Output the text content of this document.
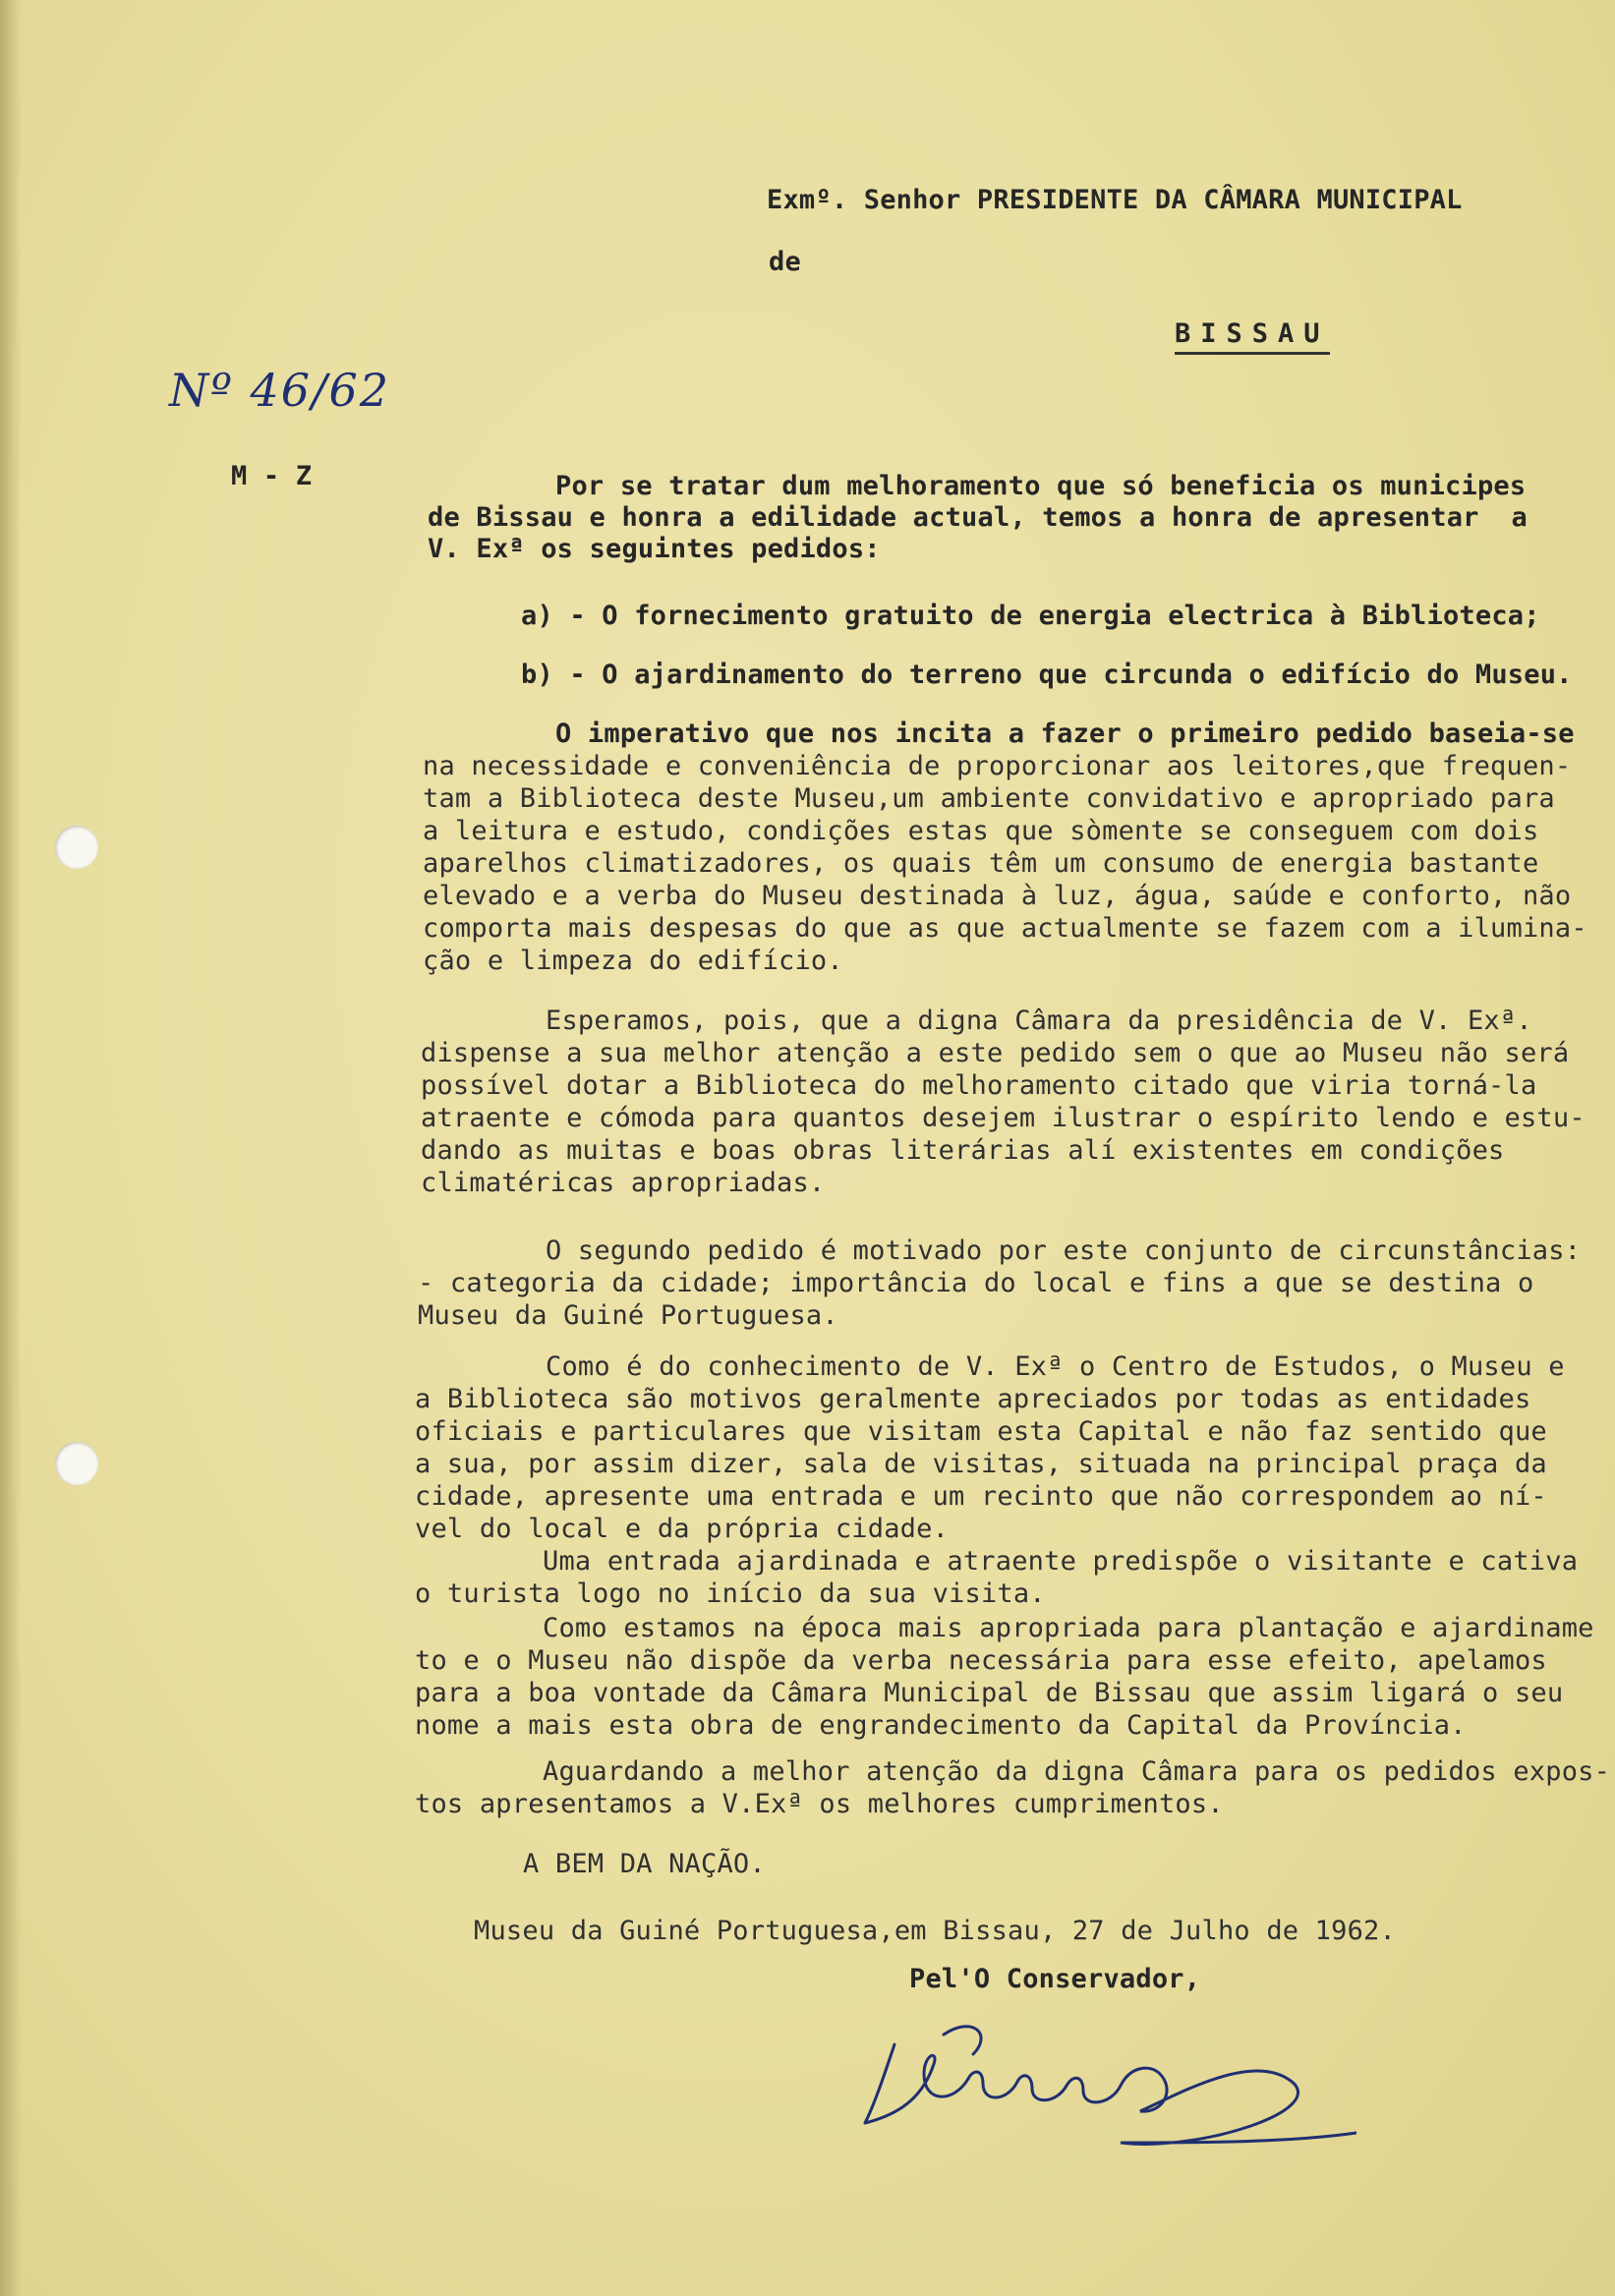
Exmº. Senhor PRESIDENTE DA CÂMARA MUNICIPAL
de
BISSAU
Nº 46/62
M - Z	Por se tratar dum melhoramento que só beneficia os municipes
de Bissau e honra a edilidade actual, temos a honra de apresentar  a
V. Exª os seguintes pedidos:
a) - O fornecimento gratuito de energia electrica à Biblioteca;
b) - O ajardinamento do terreno que circunda o edifício do Museu.
O imperativo que nos incita a fazer o primeiro pedido baseia-se
na necessidade e conveniência de proporcionar aos leitores,que frequen-
tam a Biblioteca deste Museu,um ambiente convidativo e apropriado para
a leitura e estudo, condições estas que sòmente se conseguem com dois
aparelhos climatizadores, os quais têm um consumo de energia bastante
elevado e a verba do Museu destinada à luz, água, saúde e conforto, não
comporta mais despesas do que as que actualmente se fazem com a ilumina-
ção e limpeza do edifício.
Esperamos, pois, que a digna Câmara da presidência de V. Exª.
dispense a sua melhor atenção a este pedido sem o que ao Museu não será
possível dotar a Biblioteca do melhoramento citado que viria torná-la
atraente e cómoda para quantos desejem ilustrar o espírito lendo e estu-
dando as muitas e boas obras literárias alí existentes em condições
climatéricas apropriadas.
O segundo pedido é motivado por este conjunto de circunstâncias:
- categoria da cidade; importância do local e fins a que se destina o
Museu da Guiné Portuguesa.
Como é do conhecimento de V. Exª o Centro de Estudos, o Museu e
a Biblioteca são motivos geralmente apreciados por todas as entidades
oficiais e particulares que visitam esta Capital e não faz sentido que
a sua, por assim dizer, sala de visitas, situada na principal praça da
cidade, apresente uma entrada e um recinto que não correspondem ao ní-
vel do local e da própria cidade.
Uma entrada ajardinada e atraente predispõe o visitante e cativa
o turista logo no início da sua visita.
Como estamos na época mais apropriada para plantação e ajardiname
to e o Museu não dispõe da verba necessária para esse efeito, apelamos
para a boa vontade da Câmara Municipal de Bissau que assim ligará o seu
nome a mais esta obra de engrandecimento da Capital da Província.
Aguardando a melhor atenção da digna Câmara para os pedidos expos-
tos apresentamos a V.Exª os melhores cumprimentos.
A BEM DA NAÇÃO.
Museu da Guiné Portuguesa,em Bissau, 27 de Julho de 1962.
Pel'O Conservador,
